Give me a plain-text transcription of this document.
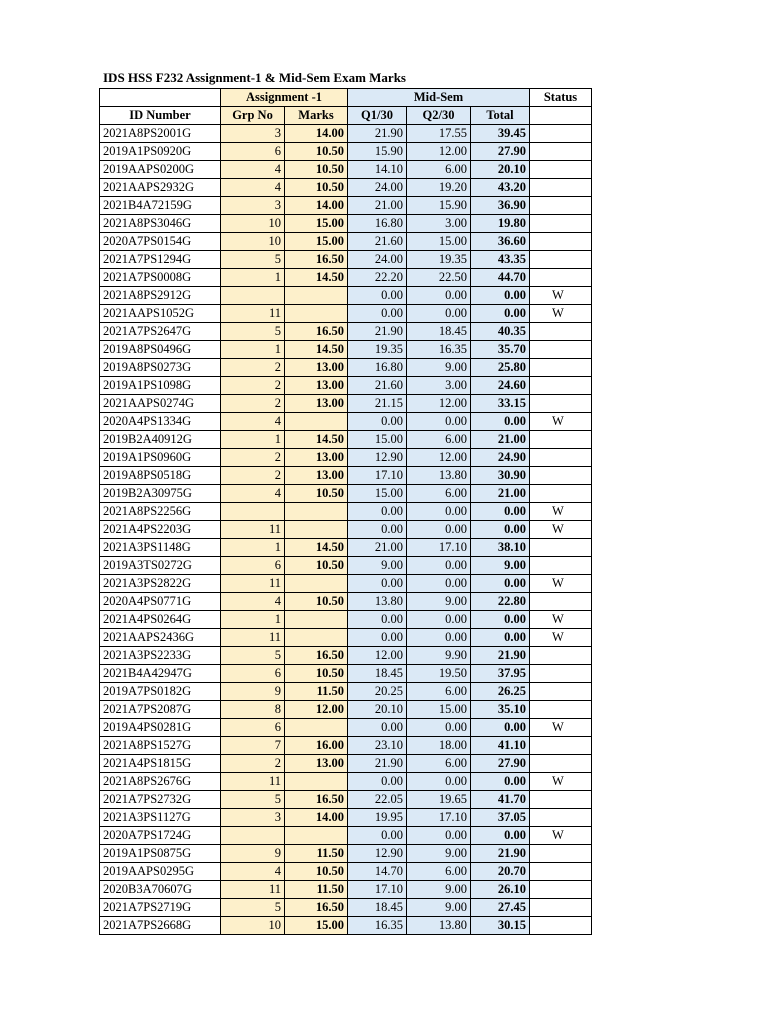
IDS HSS F232 Assignment-1 & Mid-Sem Exam Marks
	Assignment -1		Mid-Sem			Status
ID Number	Grp No	Marks	Q1/30	Q2/30	Total	
2021A8PS2001G	3	14.00	21.90	17.55	39.45	
2019A1PS0920G	6	10.50	15.90	12.00	27.90	
2019AAPS0200G	4	10.50	14.10	6.00	20.10	
2021AAPS2932G	4	10.50	24.00	19.20	43.20	
2021B4A72159G	3	14.00	21.00	15.90	36.90	
2021A8PS3046G	10	15.00	16.80	3.00	19.80	
2020A7PS0154G	10	15.00	21.60	15.00	36.60	
2021A7PS1294G	5	16.50	24.00	19.35	43.35	
2021A7PS0008G	1	14.50	22.20	22.50	44.70	
2021A8PS2912G			0.00	0.00	0.00	W
2021AAPS1052G	11		0.00	0.00	0.00	W
2021A7PS2647G	5	16.50	21.90	18.45	40.35	
2019A8PS0496G	1	14.50	19.35	16.35	35.70	
2019A8PS0273G	2	13.00	16.80	9.00	25.80	
2019A1PS1098G	2	13.00	21.60	3.00	24.60	
2021AAPS0274G	2	13.00	21.15	12.00	33.15	
2020A4PS1334G	4		0.00	0.00	0.00	W
2019B2A40912G	1	14.50	15.00	6.00	21.00	
2019A1PS0960G	2	13.00	12.90	12.00	24.90	
2019A8PS0518G	2	13.00	17.10	13.80	30.90	
2019B2A30975G	4	10.50	15.00	6.00	21.00	
2021A8PS2256G			0.00	0.00	0.00	W
2021A4PS2203G	11		0.00	0.00	0.00	W
2021A3PS1148G	1	14.50	21.00	17.10	38.10	
2019A3TS0272G	6	10.50	9.00	0.00	9.00	
2021A3PS2822G	11		0.00	0.00	0.00	W
2020A4PS0771G	4	10.50	13.80	9.00	22.80	
2021A4PS0264G	1		0.00	0.00	0.00	W
2021AAPS2436G	11		0.00	0.00	0.00	W
2021A3PS2233G	5	16.50	12.00	9.90	21.90	
2021B4A42947G	6	10.50	18.45	19.50	37.95	
2019A7PS0182G	9	11.50	20.25	6.00	26.25	
2021A7PS2087G	8	12.00	20.10	15.00	35.10	
2019A4PS0281G	6		0.00	0.00	0.00	W
2021A8PS1527G	7	16.00	23.10	18.00	41.10	
2021A4PS1815G	2	13.00	21.90	6.00	27.90	
2021A8PS2676G	11		0.00	0.00	0.00	W
2021A7PS2732G	5	16.50	22.05	19.65	41.70	
2021A3PS1127G	3	14.00	19.95	17.10	37.05	
2020A7PS1724G			0.00	0.00	0.00	W
2019A1PS0875G	9	11.50	12.90	9.00	21.90	
2019AAPS0295G	4	10.50	14.70	6.00	20.70	
2020B3A70607G	11	11.50	17.10	9.00	26.10	
2021A7PS2719G	5	16.50	18.45	9.00	27.45	
2021A7PS2668G	10	15.00	16.35	13.80	30.15	
